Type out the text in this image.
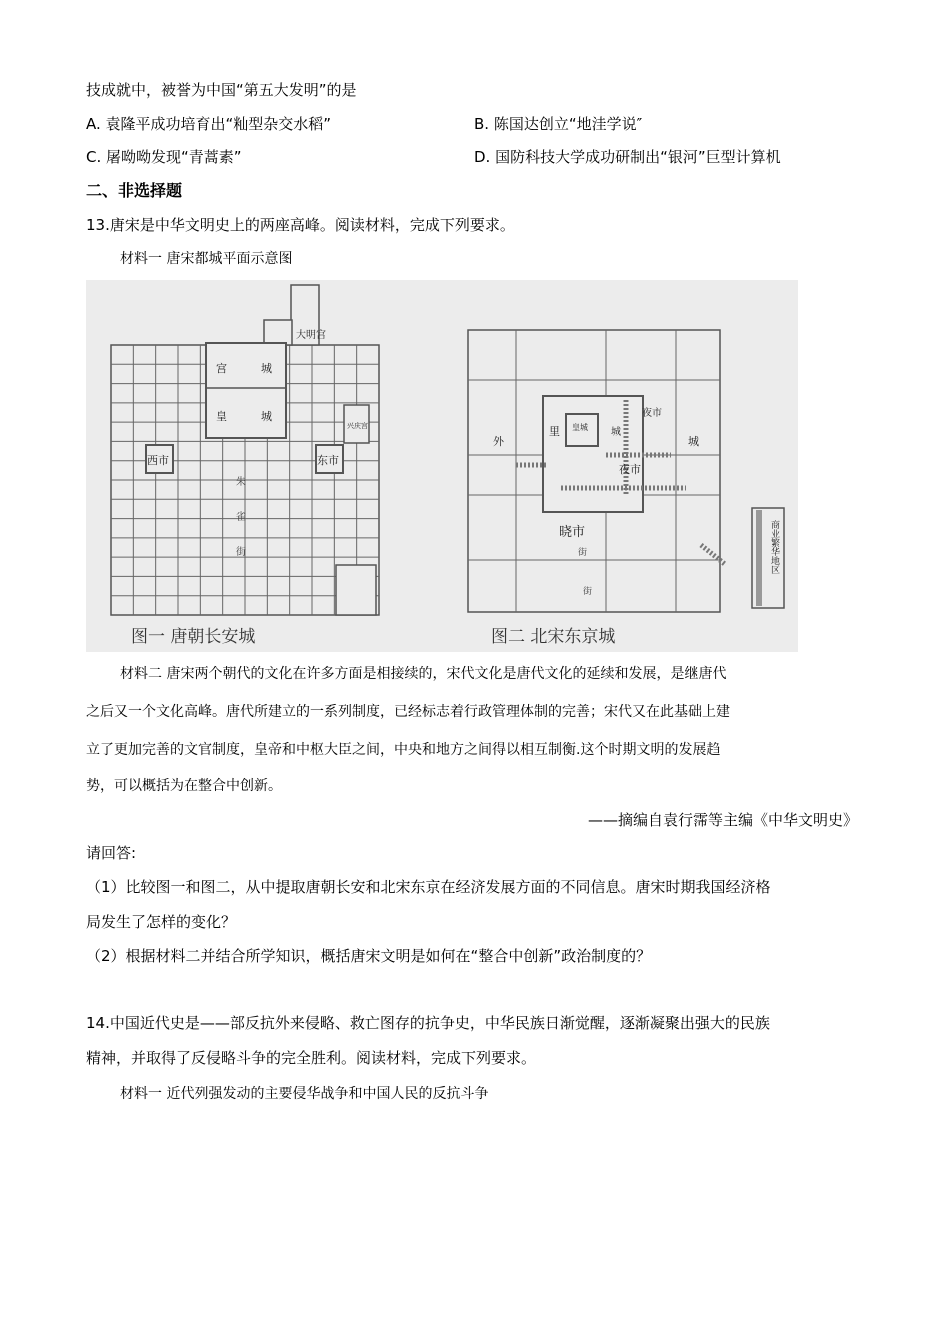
技成就中，被誉为中国“第五大发明”的是
A. 袁隆平成功培育出“籼型杂交水稻”	B. 陈国达创立“地洼学说″
C. 屠呦呦发现“青蒿素”	D. 国防科技大学成功研制出“银河”巨型计算机
二、非选择题
13.唐宋是中华文明史上的两座高峰。阅读材料，完成下列要求。
材料一 唐宋都城平面示意图
大明宫
宫	城
皇	城
兴庆宫
西市	东市
朱
雀
街
图一 唐朝长安城
商业繁华地区
外
里 皇城 城
夜市
夜市
城
晓市
街
街
图二 北宋东京城
材料二 唐宋两个朝代的文化在许多方面是相接续的，宋代文化是唐代文化的延续和发展，是继唐代
之后又一个文化高峰。唐代所建立的一系列制度，已经标志着行政管理体制的完善；宋代又在此基础上建
立了更加完善的文官制度，皇帝和中枢大臣之间，中央和地方之间得以相互制衡.这个时期文明的发展趋
势，可以概括为在整合中创新。
——摘编自袁行霈等主编《中华文明史》
请回答:
（1）比较图一和图二，从中提取唐朝长安和北宋东京在经济发展方面的不同信息。唐宋时期我国经济格
局发生了怎样的变化？
（2）根据材料二并结合所学知识，概括唐宋文明是如何在“整合中创新”政治制度的？
14.中国近代史是——部反抗外来侵略、救亡图存的抗争史，中华民族日渐觉醒，逐渐凝聚出强大的民族
精神，并取得了反侵略斗争的完全胜利。阅读材料，完成下列要求。
材料一 近代列强发动的主要侵华战争和中国人民的反抗斗争
